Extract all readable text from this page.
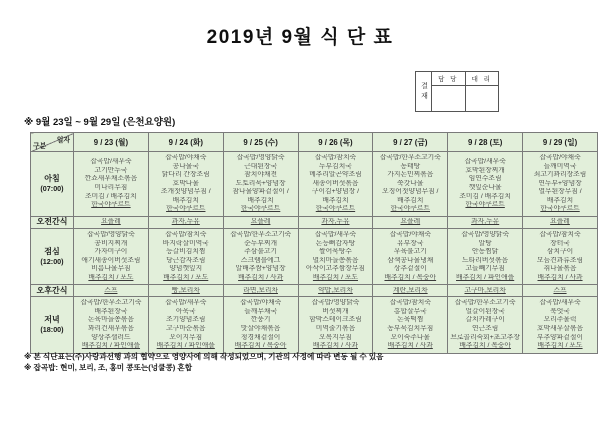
2019년 9월 식 단 표
결재
담 당	대 리
※ 9월 23일 ~ 9월 29일 (은천요양원)
일자
구분	9 / 23 (월)	9 / 24 (화)	9 / 25 (수)	9 / 26 (목)	9 / 27 (금)	9 / 28 (토)	9 / 29 (일)

아침
(07:00)

잡곡밥/새우죽
고기만두국
깐쇼새우채소볶음
미나리무침
조미김 / 배추김치
한국야쿠르트

잡곡밥/야채죽
콩나물국
닭다리 간장조림
호박나물
조개젓양념무침 /
배추김치
한국야쿠르트

잡곡밥/영양닭죽
근대된장국
참치야채전
도토리묵+양념장
참나물양파겉절이 /
배추김치
한국야쿠르트

잡곡밥/참치죽
두부김치국
메추리알곤약조림
새송이버섯볶음
구이김+양념장 /
배추김치
한국야쿠르트

잡곡밥/한우소고기죽
동태탕
가지돈민찌볶음
쑥갓나물
오징어젓양념무침 /
배추김치
한국야쿠르트

잡곡밥/새우죽
호박된장찌개
임연수조림
깻잎순나물
조미김 / 배추김치
한국야쿠르트

잡곡밥/야채죽
들깨미역국
쇠고기꽈리장조림
연두부+양념장
열무된장무침 /
배추김치
한국야쿠르트

오전간식	요플레	과자,두유	요플레	과자,두유	요플레	과자,두유	요플레

점심
(12:00)

잡곡밥/영양닭죽
콩비지찌개
가자미구이
애기새송이버섯조림
비름나물무침
배추김치 / 포도

잡곡밥/참치죽
바지락살미역국
등갈비김치찜
당근감자조림
양념깻잎지
배추김치 / 포도

잡곡밥/한우소고기죽
순두부찌개
주삼불고기
스크램블에그
알배추쌈+양념장
배추김치 / 사과

잡곡밥/새우죽
돈등뼈감자탕
쌀어묵탕수
멸치마늘쫑볶음
아삭이고추쌈장무침
배추김치 / 포도

잡곡밥/야채죽
유부장국
우육불고기
삼색콩나물냉채
상추겉절이
배추김치 / 복숭아

잡곡밥/영양닭죽
알탕
안동찜닭
느타리버섯볶음
고들빼기무침
배추김치 / 파인애플

잡곡밥/참치죽
장터국
삼치구이
모듬견과류조림
취나물볶음
배추김치 / 사과

오후간식	스프	빵,보리차	라면,보리차	약밥,보리차	계란,보리차	고구마,보리차	스프

저녁
(18:00)

잡곡밥/한우소고기죽
배추된장국
돈육마늘쫑볶음
꽈리건새우볶음
양상추샐러드
배추김치 / 파인애플

잡곡밥/새우죽
아욱국
조기양념조림
고구마순볶음
오이지무침
배추김치 / 파인애플

잡곡밥/야채죽
들깨무채국
깐풍기
맛살야채볶음
청경채겉절이
배추김치 / 복숭아

잡곡밥/영양닭죽
버섯찌개
함박스테이크조림
미역줄기볶음
오복지무침
배추김치 / 사과

잡곡밥/참치죽
홍합살무국
돈육떡찜
동부묵김치무침
오이숙주나물
배추김치 / 사과

잡곡밥/한우소고기죽
얼갈이된장국
갈치카레구이
연근조림
브로콜리숙회+초고추장
배추김치 / 복숭아

잡곡밥/새우죽
북엇국
오리주물럭
호박새우살볶음
부추양파겉절이
배추김치 / 포도
※ 본 식단표는(주)사랑과선행 과의 협약으로 영양사에 의해 작성되었으며, 기관의 사정에 따라 변동 될 수 있음
※ 잡곡밥: 현미, 보리, 조, 홍미 콩또는(넝쿨콩) 혼합
